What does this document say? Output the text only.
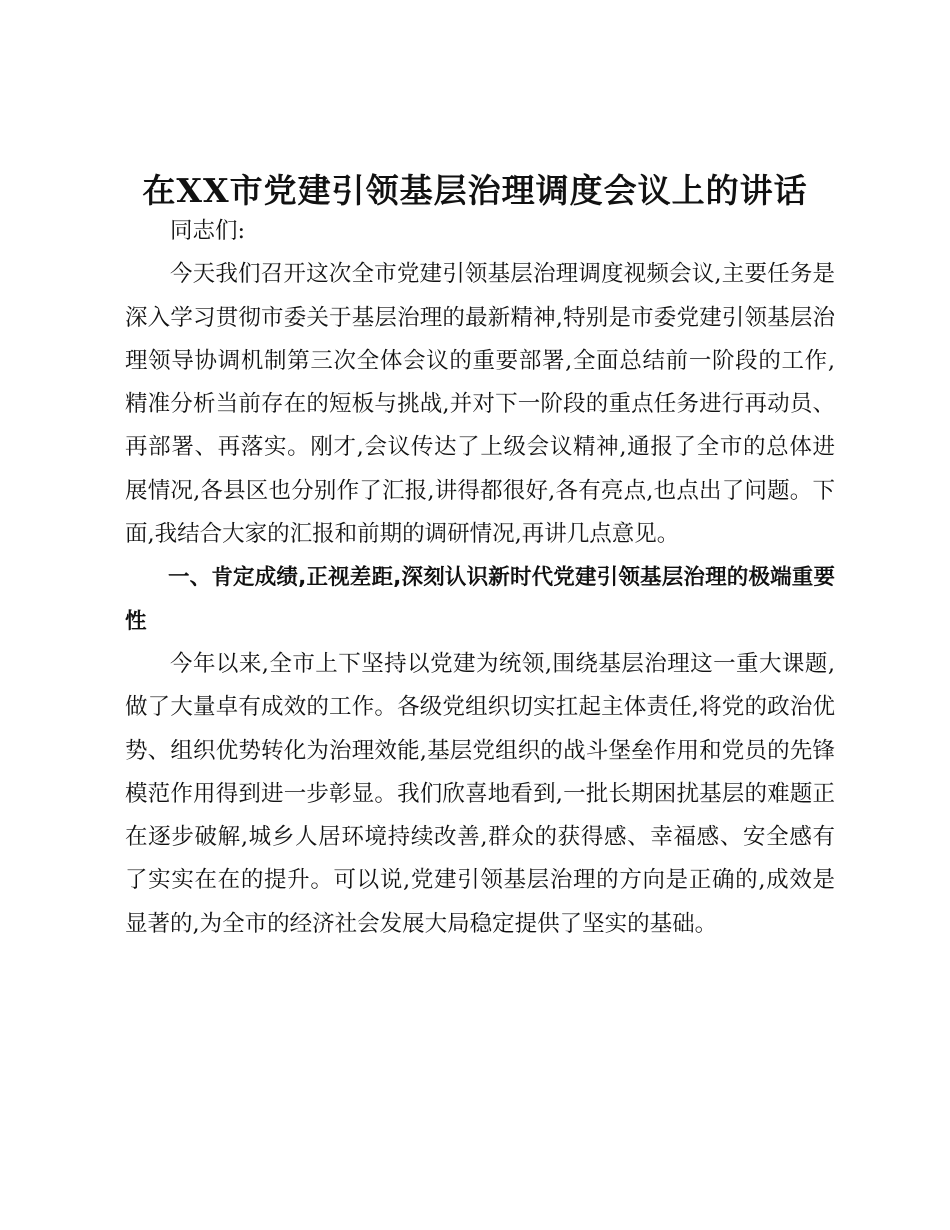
在XX市党建引领基层治理调度会议上的讲话

同志们:

今天我们召开这次全市党建引领基层治理调度视频会议,主要任务是深入学习贯彻市委关于基层治理的最新精神,特别是市委党建引领基层治理领导协调机制第三次全体会议的重要部署,全面总结前一阶段的工作,精准分析当前存在的短板与挑战,并对下一阶段的重点任务进行再动员、再部署、再落实。刚才,会议传达了上级会议精神,通报了全市的总体进展情况,各县区也分别作了汇报,讲得都很好,各有亮点,也点出了问题。下面,我结合大家的汇报和前期的调研情况,再讲几点意见。

一、肯定成绩,正视差距,深刻认识新时代党建引领基层治理的极端重要性

今年以来,全市上下坚持以党建为统领,围绕基层治理这一重大课题,做了大量卓有成效的工作。各级党组织切实扛起主体责任,将党的政治优势、组织优势转化为治理效能,基层党组织的战斗堡垒作用和党员的先锋模范作用得到进一步彰显。我们欣喜地看到,一批长期困扰基层的难题正在逐步破解,城乡人居环境持续改善,群众的获得感、幸福感、安全感有了实实在在的提升。可以说,党建引领基层治理的方向是正确的,成效是显著的,为全市的经济社会发展大局稳定提供了坚实的基础。
